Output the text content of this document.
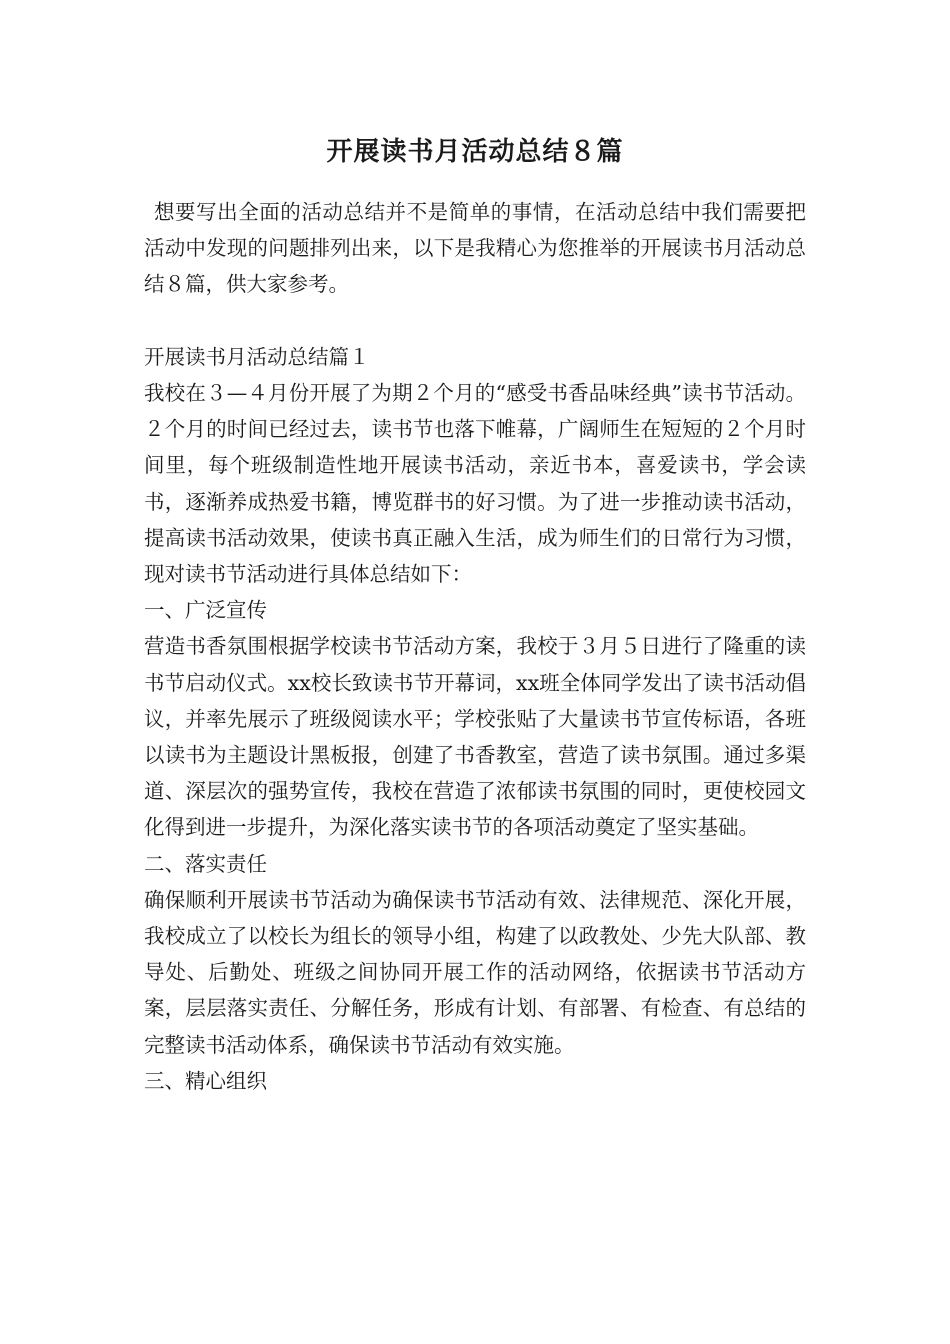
开展读书月活动总结８篇

想要写出全面的活动总结并不是简单的事情，在活动总结中我们需要把活动中发现的问题排列出来，以下是我精心为您推举的开展读书月活动总结８篇，供大家参考。

开展读书月活动总结篇１

我校在３—４月份开展了为期２个月的“感受书香品味经典”读书节活动。２个月的时间已经过去，读书节也落下帷幕，广阔师生在短短的２个月时间里，每个班级制造性地开展读书活动，亲近书本，喜爱读书，学会读书，逐渐养成热爱书籍，博览群书的好习惯。为了进一步推动读书活动，提高读书活动效果，使读书真正融入生活，成为师生们的日常行为习惯，现对读书节活动进行具体总结如下：

一、广泛宣传

营造书香氛围根据学校读书节活动方案，我校于３月５日进行了隆重的读书节启动仪式。xx校长致读书节开幕词，xx班全体同学发出了读书活动倡议，并率先展示了班级阅读水平；学校张贴了大量读书节宣传标语，各班以读书为主题设计黑板报，创建了书香教室，营造了读书氛围。通过多渠道、深层次的强势宣传，我校在营造了浓郁读书氛围的同时，更使校园文化得到进一步提升，为深化落实读书节的各项活动奠定了坚实基础。

二、落实责任

确保顺利开展读书节活动为确保读书节活动有效、法律规范、深化开展，我校成立了以校长为组长的领导小组，构建了以政教处、少先大队部、教导处、后勤处、班级之间协同开展工作的活动网络，依据读书节活动方案，层层落实责任、分解任务，形成有计划、有部署、有检查、有总结的完整读书活动体系，确保读书节活动有效实施。

三、精心组织
